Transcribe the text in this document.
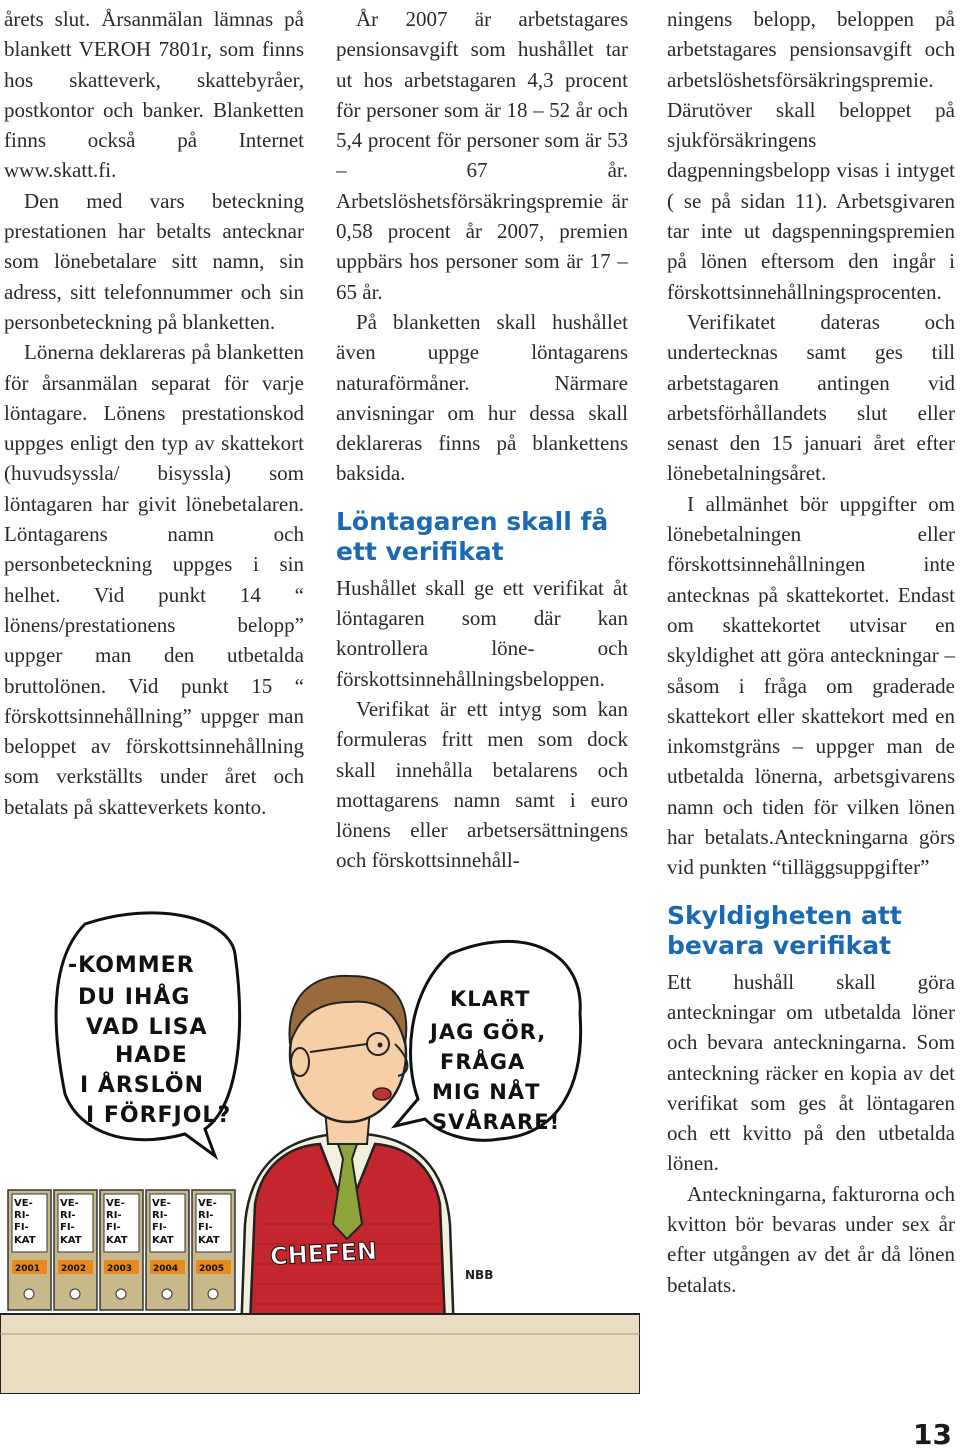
årets slut. Årsanmälan lämnas på blankett VEROH 7801r, som finns hos skatteverk, skattebyråer, postkontor och banker. Blanketten finns också på Internet www.skatt.fi.

Den med vars beteckning prestationen har betalts antecknar som lönebetalare sitt namn, sin adress, sitt telefonnummer och sin personbeteckning på blanketten.

Lönerna deklareras på blanketten för årsanmälan separat för varje löntagare. Lönens prestationskod uppges enligt den typ av skattekort (huvudsyssla/ bisyssla) som löntagaren har givit lönebetalaren. Löntagarens namn och personbeteckning uppges i sin helhet. Vid punkt 14 “ lönens/prestationens belopp” uppger man den utbetalda bruttolönen. Vid punkt 15 “ förskottsinnehållning” uppger man beloppet av förskottsinnehållning som verkställts under året och betalats på skatteverkets konto.

År 2007 är arbetstagares pensionsavgift som hushållet tar ut hos arbetstagaren 4,3 procent för personer som är 18 – 52 år och 5,4 procent för personer som är 53 – 67 år. Arbetslöshetsförsäkringspremie är 0,58 procent år 2007, premien uppbärs hos personer som är 17 – 65 år.

På blanketten skall hushållet även uppge löntagarens naturaförmåner. Närmare anvisningar om hur dessa skall deklareras finns på blankettens baksida.

Löntagaren skall få ett verifikat

Hushållet skall ge ett verifikat åt löntagaren som där kan kontrollera löne- och förskottsinnehållningsbeloppen.

Verifikat är ett intyg som kan formuleras fritt men som dock skall innehålla betalarens och mottagarens namn samt i euro lönens eller arbetsersättningens och förskottsinnehåll-

ningens belopp, beloppen på arbetstagares pensionsavgift och arbetslöshetsförsäkringspremie. Därutöver skall beloppet på sjukförsäkringens dagpenningsbelopp visas i intyget ( se på sidan 11). Arbetsgivaren tar inte ut dagspenningspremien på lönen eftersom den ingår i förskottsinnehållningsprocenten.

Verifikatet dateras och undertecknas samt ges till arbetstagaren antingen vid arbetsförhållandets slut eller senast den 15 januari året efter lönebetalningsåret.

I allmänhet bör uppgifter om lönebetalningen eller förskottsinnehållningen inte antecknas på skattekortet. Endast om skattekortet utvisar en skyldighet att göra anteckningar – såsom i fråga om graderade skattekort eller skattekort med en inkomstgräns – uppger man de utbetalda lönerna, arbetsgivarens namn och tiden för vilken lönen har betalats.Anteckningarna görs vid punkten “tilläggsuppgifter”

Skyldigheten att bevara verifikat

Ett hushåll skall göra anteckningar om utbetalda löner och bevara anteckningarna. Som anteckning räcker en kopia av det verifikat som ges åt löntagaren och ett kvitto på den utbetalda lönen.

Anteckningarna, fakturorna och kvitton bör bevaras under sex år efter utgången av det år då lönen betalats.

-KOMMER DU IHÅG VAD LISA HADE I ÅRSLÖN I FÖRFJOL?
KLART JAG GÖR, FRÅGA MIG NÅT SVÅRARE!
VE- RI- FI- KAT
2001
VE- RI- FI- KAT
2002
VE- RI- FI- KAT
2003
VE- RI- FI- KAT
2004
VE- RI- FI- KAT
2005 CHEFEN
NBB
13
